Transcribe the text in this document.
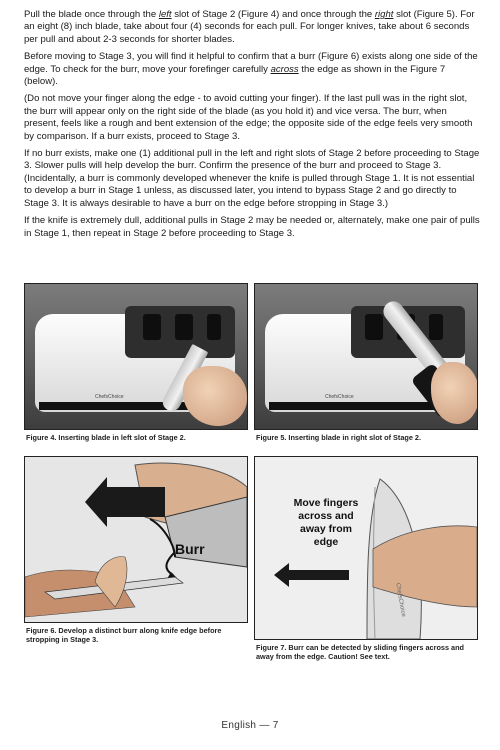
Pull the blade once through the left slot of Stage 2 (Figure 4) and once through the right slot (Figure 5). For an eight (8) inch blade, take about four (4) seconds for each pull. For longer knives, take about 6 seconds per pull and about 2-3 seconds for shorter blades.

Before moving to Stage 3, you will find it helpful to confirm that a burr (Figure 6) exists along one side of the edge. To check for the burr, move your forefinger carefully across the edge as shown in the Figure 7 (below).

(Do not move your finger along the edge - to avoid cutting your finger). If the last pull was in the right slot, the burr will appear only on the right side of the blade (as you hold it) and vice versa. The burr, when present, feels like a rough and bent extension of the edge; the opposite side of the edge feels very smooth by comparison. If a burr exists, proceed to Stage 3.

If no burr exists, make one (1) additional pull in the left and right slots of Stage 2 before proceeding to Stage 3. Slower pulls will help develop the burr. Confirm the presence of the burr and proceed to Stage 3. (Incidentally, a burr is commonly developed whenever the knife is pulled through Stage 1. It is not essential to develop a burr in Stage 1 unless, as discussed later, you intend to bypass Stage 2 and go directly to Stage 3. It is always desirable to have a burr on the edge before stropping in Stage 3.)

If the knife is extremely dull, additional pulls in Stage 2 may be needed or, alternately, make one pair of pulls in Stage 1, then repeat in Stage 2 before proceeding to Stage 3.

ChefsChoice
Figure 4. Inserting blade in left slot of Stage 2.
ChefsChoice
Figure 5. Inserting blade in right slot of Stage 2.
Burr
Figure 6. Develop a distinct burr along knife edge before stropping in Stage 3.
Move fingers across and away from edge
ChefsChoice
Figure 7. Burr can be detected by sliding fingers across and away from the edge. Caution! See text.
English — 7
